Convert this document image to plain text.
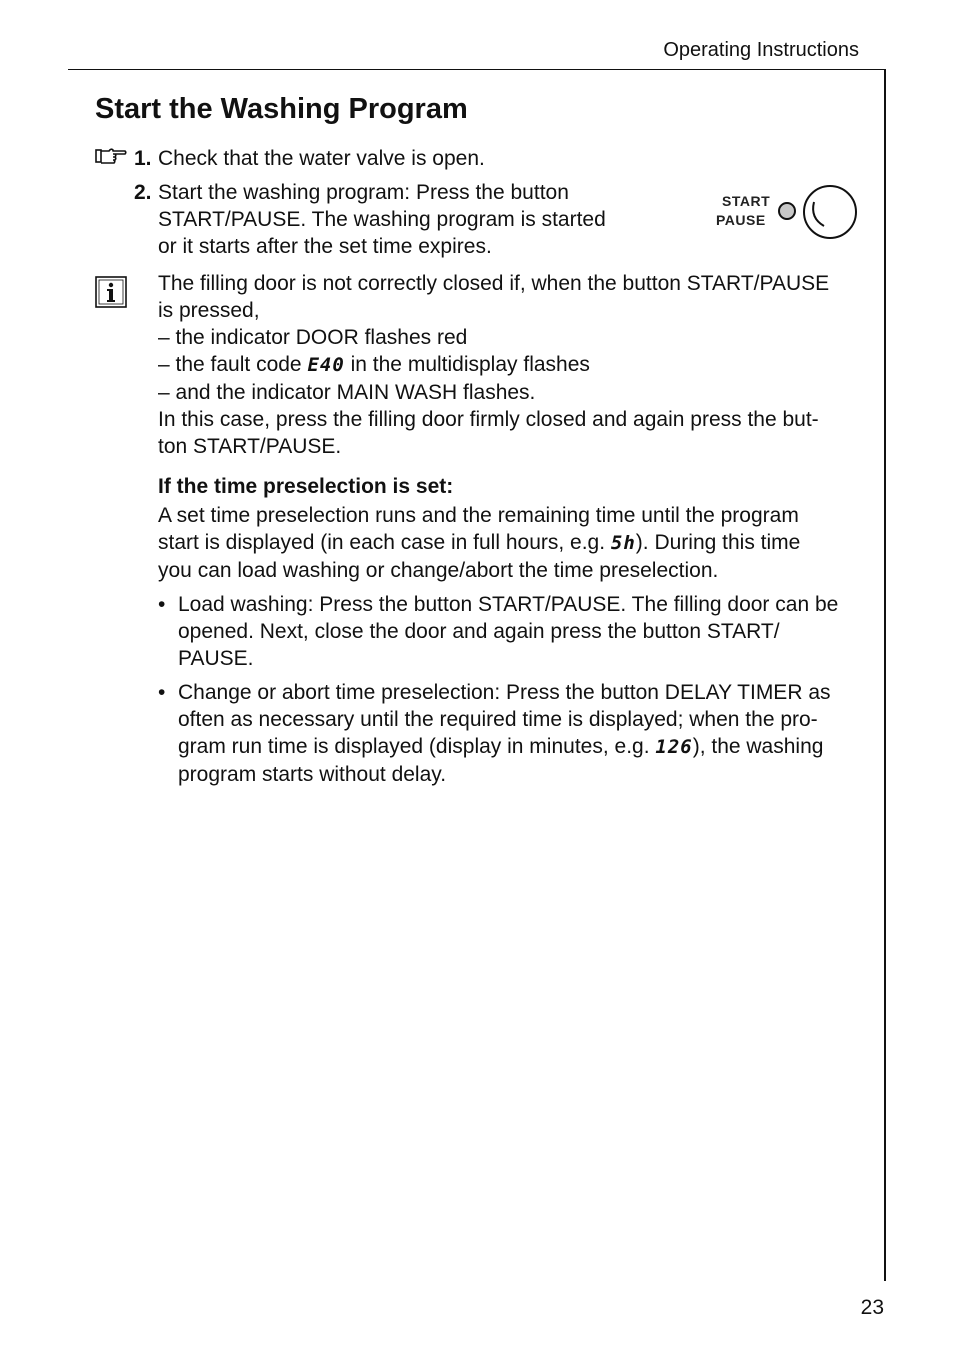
Operating Instructions
Start the Washing Program
1. Check that the water valve is open.
2. Start the washing program: Press the button
START/PAUSE. The washing program is started
or it starts after the set time expires.
START
PAUSE
The filling door is not correctly closed if, when the button START/PAUSE
is pressed,
– the indicator DOOR flashes red
– the fault code E40 in the multidisplay flashes
– and the indicator MAIN WASH flashes.
In this case, press the filling door firmly closed and again press the but-
ton START/PAUSE.
If the time preselection is set:
A set time preselection runs and the remaining time until the program
start is displayed (in each case in full hours, e.g. 5h). During this time
you can load washing or change/abort the time preselection.
• Load washing: Press the button START/PAUSE. The filling door can be
opened. Next, close the door and again press the button START/
PAUSE.
• Change or abort time preselection: Press the button DELAY TIMER as
often as necessary until the required time is displayed; when the pro-
gram run time is displayed (display in minutes, e.g. 126), the washing
program starts without delay.
23
